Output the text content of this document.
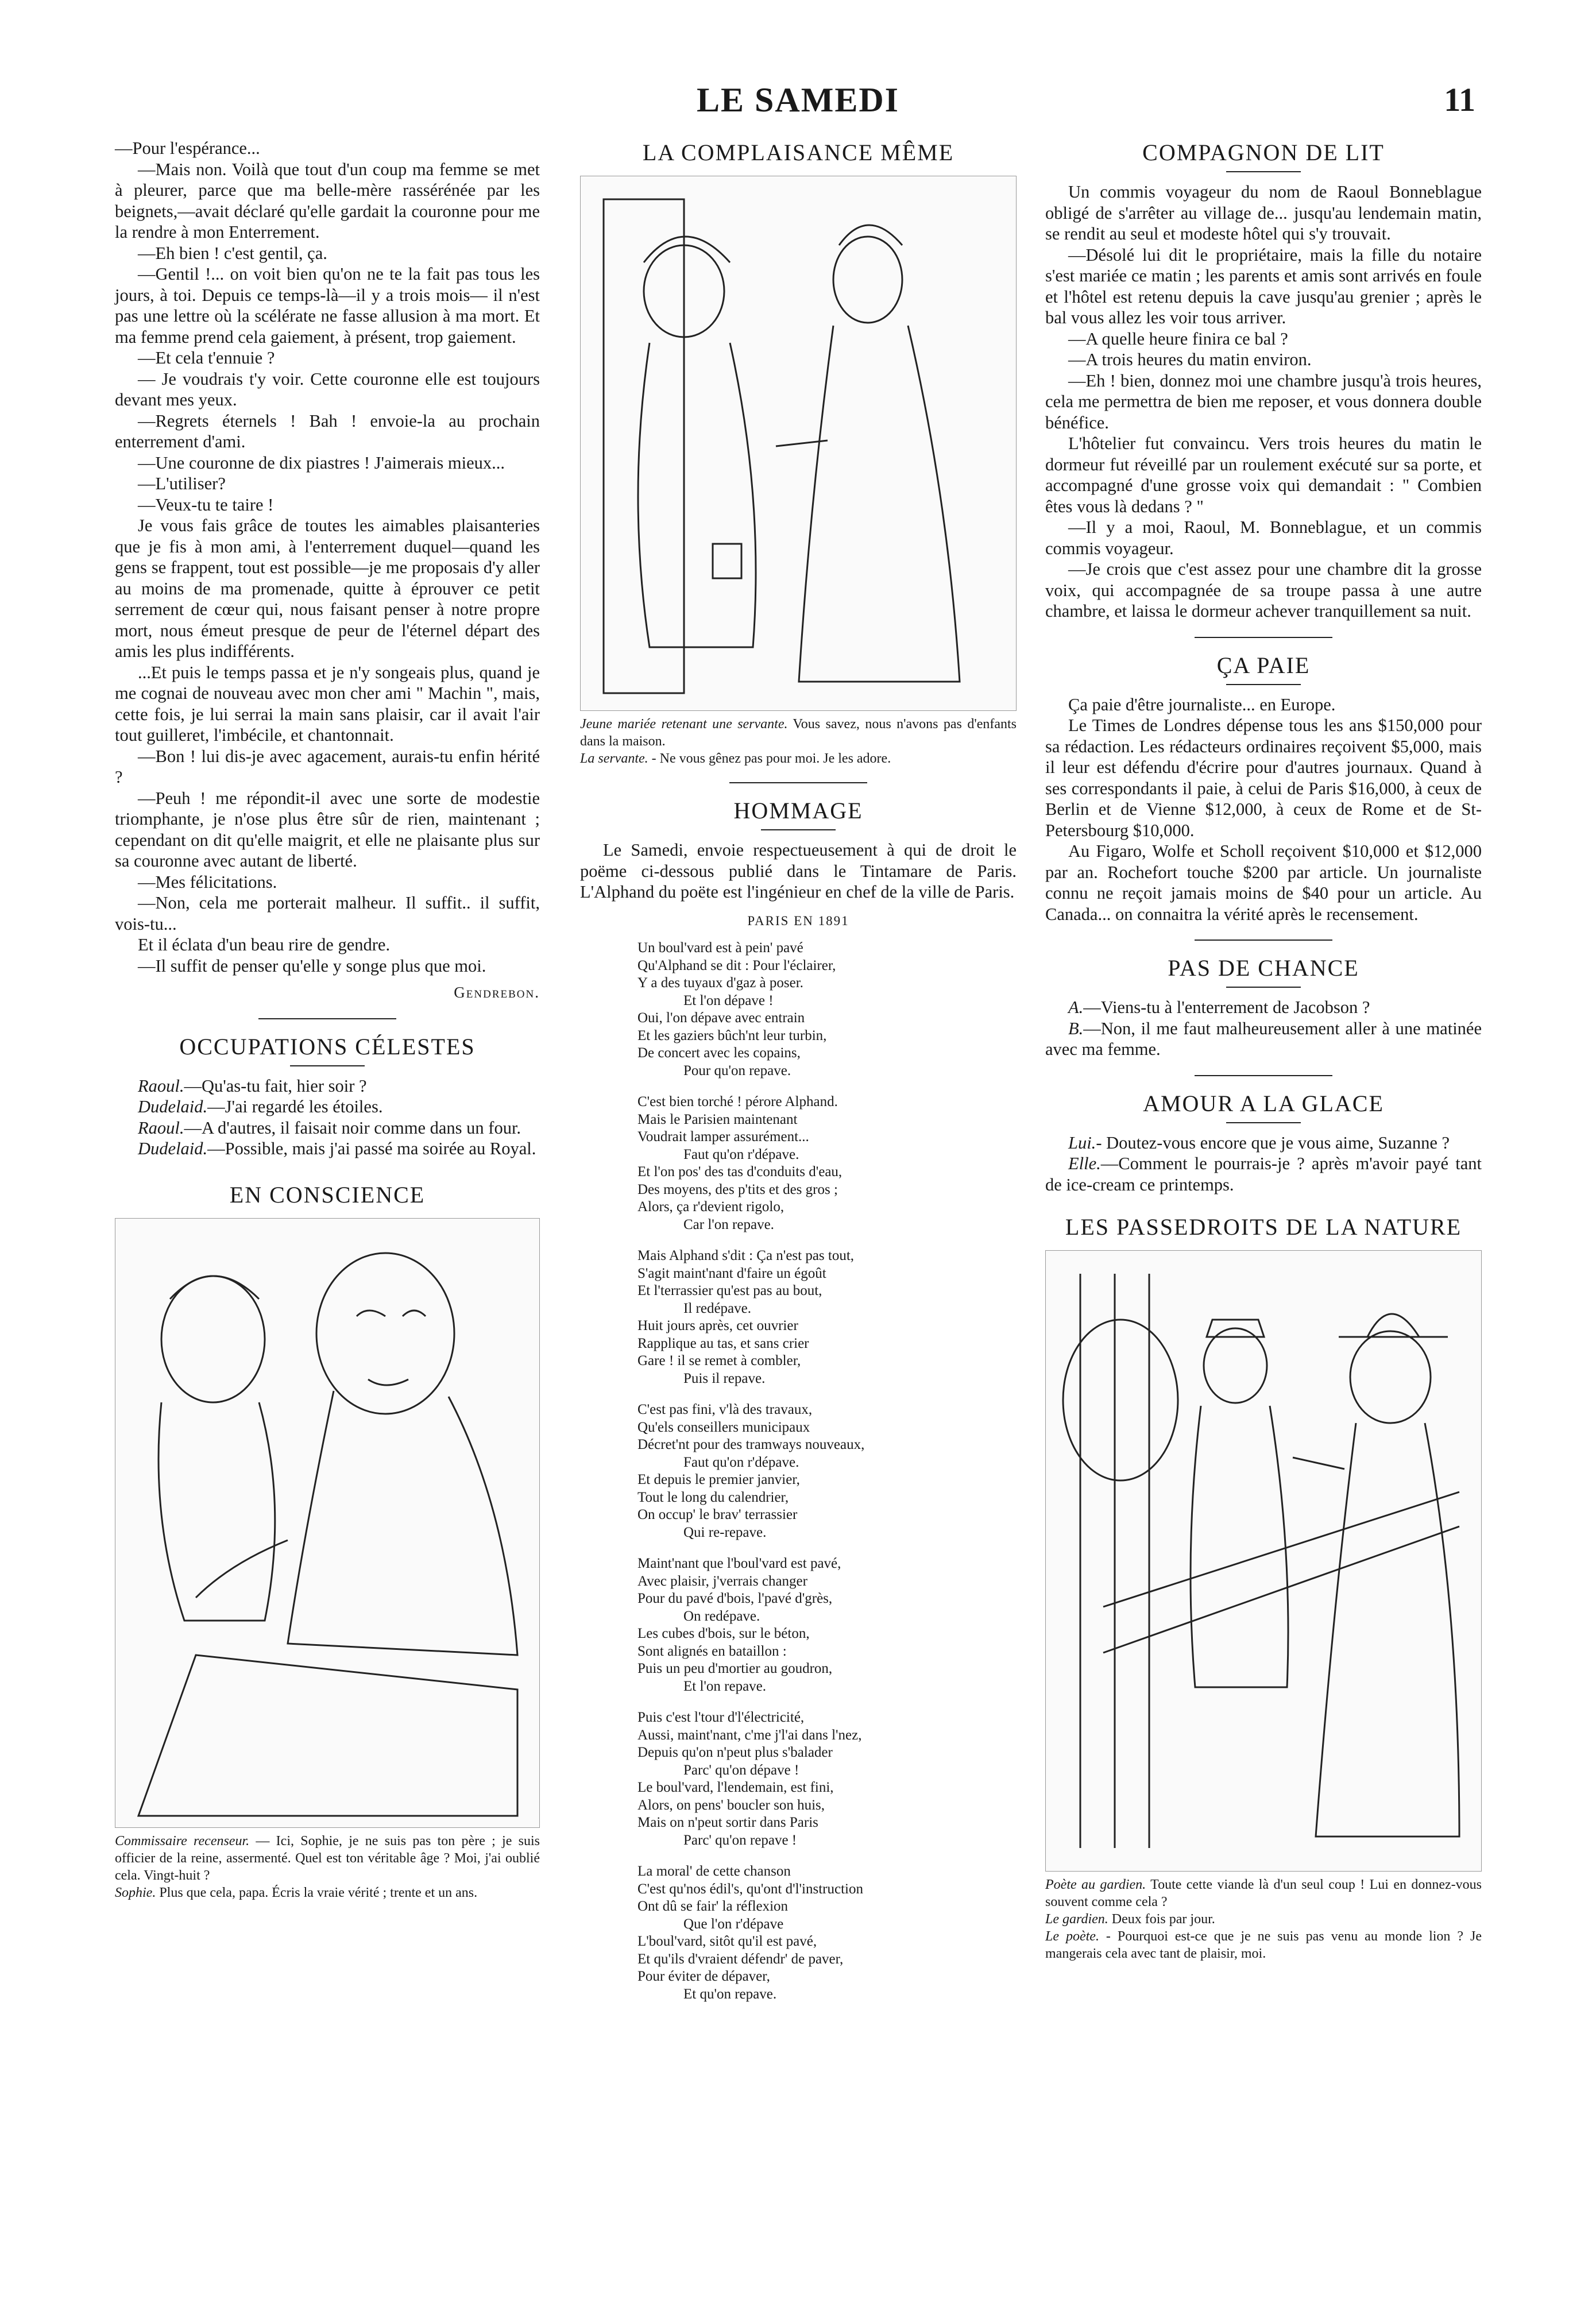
LE SAMEDI	11

—Pour l'espérance...

—Mais non. Voilà que tout d'un coup ma femme se met à pleurer, parce que ma belle-mère rassérénée par les beignets,—avait déclaré qu'elle gardait la couronne pour me la rendre à mon Enterrement.

—Eh bien ! c'est gentil, ça.

—Gentil !... on voit bien qu'on ne te la fait pas tous les jours, à toi. Depuis ce temps-là—il y a trois mois— il n'est pas une lettre où la scélérate ne fasse allusion à ma mort. Et ma femme prend cela gaiement, à présent, trop gaiement.

—Et cela t'ennuie ?

— Je voudrais t'y voir. Cette couronne elle est toujours devant mes yeux.

—Regrets éternels ! Bah ! envoie-la au prochain enterrement d'ami.

—Une couronne de dix piastres ! J'aimerais mieux...

—L'utiliser?

—Veux-tu te taire !

Je vous fais grâce de toutes les aimables plaisanteries que je fis à mon ami, à l'enterrement duquel—quand les gens se frappent, tout est possible—je me proposais d'y aller au moins de ma promenade, quitte à éprouver ce petit serrement de cœur qui, nous faisant penser à notre propre mort, nous émeut presque de peur de l'éternel départ des amis les plus indifférents.

...Et puis le temps passa et je n'y songeais plus, quand je me cognai de nouveau avec mon cher ami " Machin ", mais, cette fois, je lui serrai la main sans plaisir, car il avait l'air tout guilleret, l'imbécile, et chantonnait.

—Bon ! lui dis-je avec agacement, aurais-tu enfin hérité ?

—Peuh ! me répondit-il avec une sorte de modestie triomphante, je n'ose plus être sûr de rien, maintenant ; cependant on dit qu'elle maigrit, et elle ne plaisante plus sur sa couronne avec autant de liberté.

—Mes félicitations.

—Non, cela me porterait malheur. Il suffit.. il suffit, vois-tu...

Et il éclata d'un beau rire de gendre.

—Il suffit de penser qu'elle y songe plus que moi.

Gendrebon.
OCCUPATIONS CÉLESTES

Raoul.—Qu'as-tu fait, hier soir ?

Dudelaid.—J'ai regardé les étoiles.

Raoul.—A d'autres, il faisait noir comme dans un four.

Dudelaid.—Possible, mais j'ai passé ma soirée au Royal.

EN CONSCIENCE
Commissaire recenseur. — Ici, Sophie, je ne suis pas ton père ; je suis officier de la reine, assermenté. Quel est ton véritable âge ? Moi, j'ai oublié cela. Vingt-huit ?
Sophie. Plus que cela, papa. Écris la vraie vérité ; trente et un ans.
LA COMPLAISANCE MÊME
Jeune mariée retenant une servante. Vous savez, nous n'avons pas d'enfants dans la maison.
La servante. - Ne vous gênez pas pour moi. Je les adore.
HOMMAGE

Le Samedi, envoie respectueusement à qui de droit le poëme ci-dessous publié dans le Tintamare de Paris. L'Alphand du poëte est l'ingénieur en chef de la ville de Paris.

PARIS EN 1891
Un boul'vard est à pein' pavé
Qu'Alphand se dit : Pour l'éclairer,
Y a des tuyaux d'gaz à poser.
Et l'on dépave !
Oui, l'on dépave avec entrain
Et les gaziers bûch'nt leur turbin,
De concert avec les copains,
Pour qu'on repave.
C'est bien torché ! pérore Alphand.
Mais le Parisien maintenant
Voudrait lamper assurément...
Faut qu'on r'dépave.
Et l'on pos' des tas d'conduits d'eau,
Des moyens, des p'tits et des gros ;
Alors, ça r'devient rigolo,
Car l'on repave.
Mais Alphand s'dit : Ça n'est pas tout,
S'agit maint'nant d'faire un égoût
Et l'terrassier qu'est pas au bout,
Il redépave.
Huit jours après, cet ouvrier
Rapplique au tas, et sans crier
Gare ! il se remet à combler,
Puis il repave.
C'est pas fini, v'là des travaux,
Qu'els conseillers municipaux
Décret'nt pour des tramways nouveaux,
Faut qu'on r'dépave.
Et depuis le premier janvier,
Tout le long du calendrier,
On occup' le brav' terrassier
Qui re-repave.
Maint'nant que l'boul'vard est pavé,
Avec plaisir, j'verrais changer
Pour du pavé d'bois, l'pavé d'grès,
On redépave.
Les cubes d'bois, sur le béton,
Sont alignés en bataillon :
Puis un peu d'mortier au goudron,
Et l'on repave.
Puis c'est l'tour d'l'électricité,
Aussi, maint'nant, c'me j'l'ai dans l'nez,
Depuis qu'on n'peut plus s'balader
Parc' qu'on dépave !
Le boul'vard, l'lendemain, est fini,
Alors, on pens' boucler son huis,
Mais on n'peut sortir dans Paris
Parc' qu'on repave !
La moral' de cette chanson
C'est qu'nos édil's, qu'ont d'l'instruction
Ont dû se fair' la réflexion
Que l'on r'dépave
L'boul'vard, sitôt qu'il est pavé,
Et qu'ils d'vraient défendr' de paver,
Pour éviter de dépaver,
Et qu'on repave.
COMPAGNON DE LIT

Un commis voyageur du nom de Raoul Bonneblague obligé de s'arrêter au village de... jusqu'au lendemain matin, se rendit au seul et modeste hôtel qui s'y trouvait.

—Désolé lui dit le propriétaire, mais la fille du notaire s'est mariée ce matin ; les parents et amis sont arrivés en foule et l'hôtel est retenu depuis la cave jusqu'au grenier ; après le bal vous allez les voir tous arriver.

—A quelle heure finira ce bal ?

—A trois heures du matin environ.

—Eh ! bien, donnez moi une chambre jusqu'à trois heures, cela me permettra de bien me reposer, et vous donnera double bénéfice.

L'hôtelier fut convaincu. Vers trois heures du matin le dormeur fut réveillé par un roulement exécuté sur sa porte, et accompagné d'une grosse voix qui demandait : " Combien êtes vous là dedans ? "

—Il y a moi, Raoul, M. Bonneblague, et un commis commis voyageur.

—Je crois que c'est assez pour une chambre dit la grosse voix, qui accompagnée de sa troupe passa à une autre chambre, et laissa le dormeur achever tranquillement sa nuit.

ÇA PAIE

Ça paie d'être journaliste... en Europe.

Le Times de Londres dépense tous les ans $150,000 pour sa rédaction. Les rédacteurs ordinaires reçoivent $5,000, mais il leur est défendu d'écrire pour d'autres journaux. Quand à ses correspondants il paie, à celui de Paris $16,000, à ceux de Berlin et de Vienne $12,000, à ceux de Rome et de St-Petersbourg $10,000.

Au Figaro, Wolfe et Scholl reçoivent $10,000 et $12,000 par an. Rochefort touche $200 par article. Un journaliste connu ne reçoit jamais moins de $40 pour un article. Au Canada... on connaitra la vérité après le recensement.

PAS DE CHANCE

A.—Viens-tu à l'enterrement de Jacobson ?

B.—Non, il me faut malheureusement aller à une matinée avec ma femme.

AMOUR A LA GLACE

Lui.- Doutez-vous encore que je vous aime, Suzanne ?

Elle.—Comment le pourrais-je ? après m'avoir payé tant de ice-cream ce printemps.

LES PASSEDROITS DE LA NATURE
Poète au gardien. Toute cette viande là d'un seul coup ! Lui en donnez-vous souvent comme cela ?
Le gardien. Deux fois par jour.
Le poète. - Pourquoi est-ce que je ne suis pas venu au monde lion ? Je mangerais cela avec tant de plaisir, moi.
